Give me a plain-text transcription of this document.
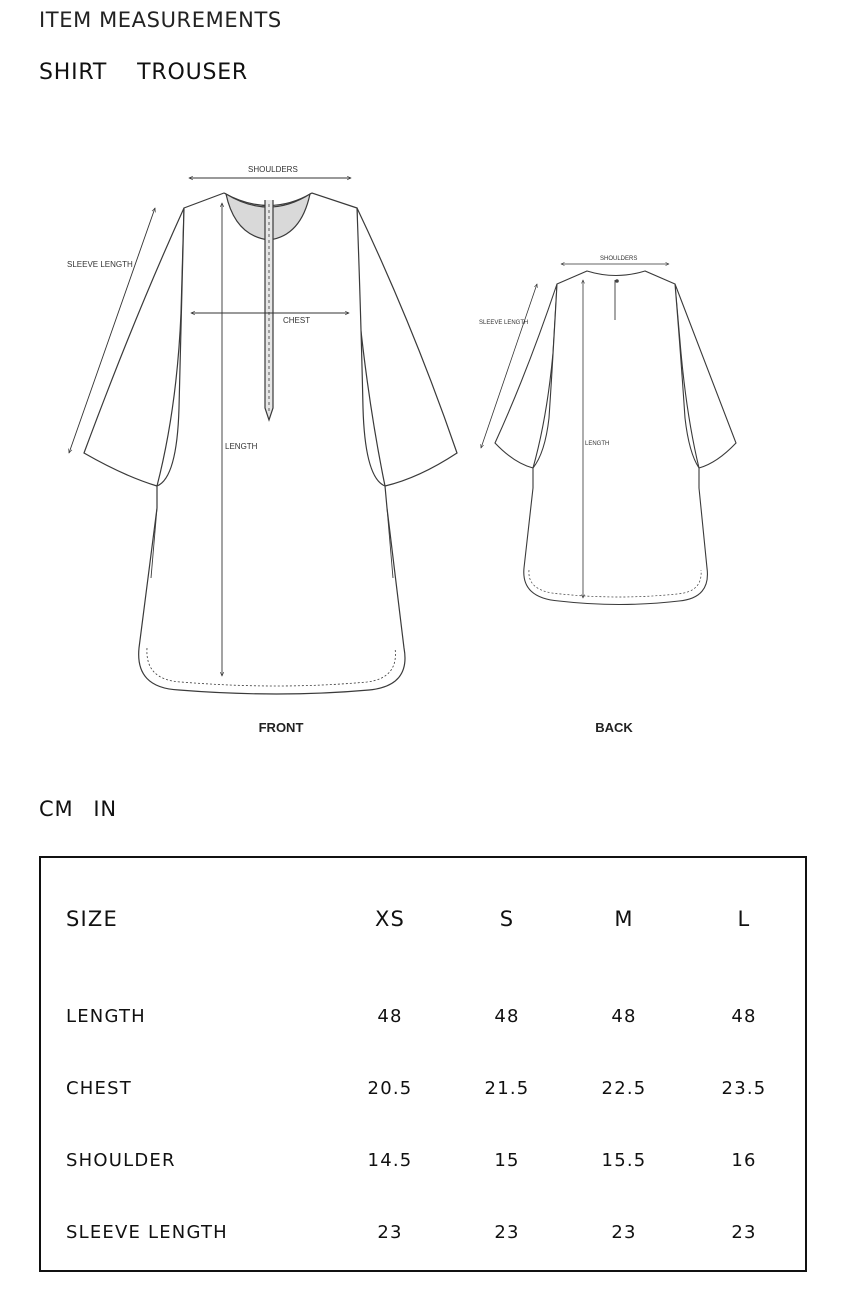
ITEM MEASUREMENTS
SHIRT TROUSER
SHOULDERS
SLEEVE LENGTH
CHEST
LENGTH
FRONT
SHOULDERS
SLEEVE LENGTH
LENGTH
BACK
CM IN
SIZE	XS	S	M	L
LENGTH	48	48	48	48
CHEST	20.5	21.5	22.5	23.5
SHOULDER	14.5	15	15.5	16
SLEEVE LENGTH	23	23	23	23
